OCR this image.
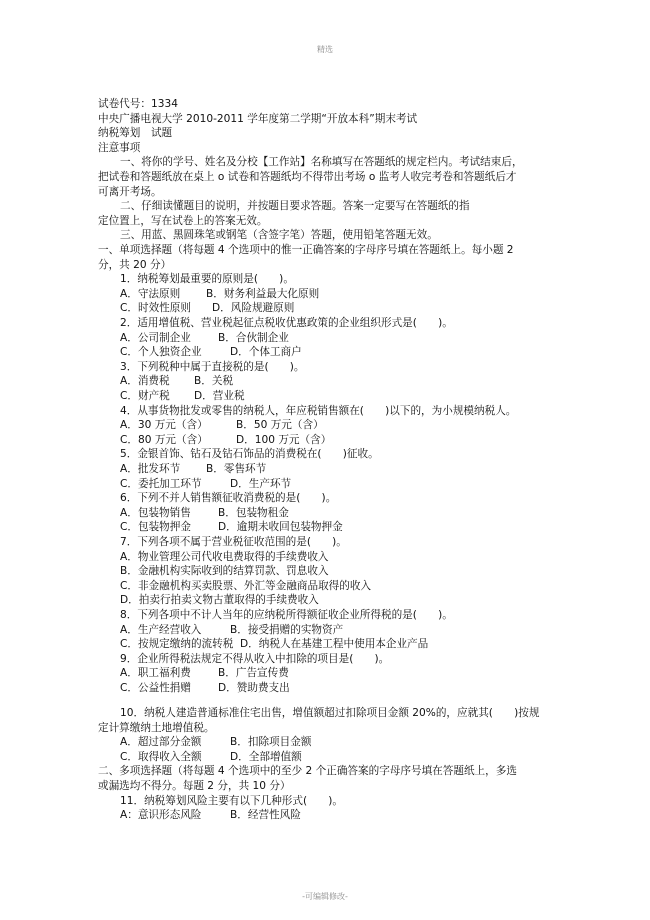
精选
试卷代号：1334
中央广播电视大学 2010-2011 学年度第二学期“开放本科”期末考试
纳税筹划　试题
注意事项
一、将你的学号、姓名及分校【工作站】名称填写在答题纸的规定栏内。考试结束后，
把试卷和答题纸放在桌上 o 试卷和答题纸均不得带出考场 o 监考人收完考卷和答题纸后才
可离开考场。
二、仔细读懂题目的说明，并按题目要求答题。答案一定要写在答题纸的指
定位置上，写在试卷上的答案无效。
三、用蓝、黑圆珠笔或钢笔（含签字笔）答题，使用铅笔答题无效。
一、单项选择题（将每题 4 个选项中的惟一正确答案的字母序号填在答题纸上。每小题 2
分，共 20 分）
1．纳税筹划最重要的原则是(　　)。
A．守法原则 B．财务利益最大化原则
C．时效性原则 D．风险规避原则
2．适用增值税、营业税起征点税收优惠政策的企业组织形式是(　　)。
A．公司制企业	B．合伙制企业
C．个人独资企业	D．个体工商户
3．下列税种中属于直接税的是(　　)。
A．消费税 B．关税
C．财产税 D．营业税
4．从事货物批发或零售的纳税人，年应税销售额在(　　)以下的，为小规模纳税人。
A．30 万元（含）	B．50 万元（含）
C．80 万元（含）	D．100 万元（含）
5．金银首饰、钻石及钻石饰品的消费税在(　　)征收。
A．批发环节 B．零售环节
C．委托加工环节	D．生产环节
6．下列不并人销售额征收消费税的是(　　)。
A．包装物销售	B．包装物租金
C．包装物押金	D．逾期未收回包装物押金
7．下列各项不属于营业税征收范围的是(　　)。
A．物业管理公司代收电费取得的手续费收入
B．金融机构实际收到的结算罚款、罚息收入
C．非金融机构买卖股票、外汇等金融商品取得的收入
D．拍卖行拍卖文物古董取得的手续费收入
8．下列各项中不计人当年的应纳税所得额征收企业所得税的是(　　)。
A．生产经营收入	B．接受捐赠的实物资产
C．按规定缴纳的流转税 D．纳税人在基建工程中使用本企业产品
9．企业所得税法规定不得从收入中扣除的项目是(　　)。
A．职工福利费	B．广告宣传费
C．公益性捐赠	D．赞助费支出
10．纳税人建造普通标准住宅出售，增值额超过扣除项目金额 20%的，应就其(　　)按规
定计算缴纳土地增值税。
A．超过部分金额	B．扣除项目金额
C．取得收入全额	D．全部增值额
二、多项选择题（将每题 4 个选项中的至少 2 个正确答案的字母序号填在答题纸上，多选
或漏选均不得分。每题 2 分，共 10 分）
11．纳税筹划风险主要有以下几种形式(　　)。
A：意识形态风险	B．经营性风险
-可编辑修改-
